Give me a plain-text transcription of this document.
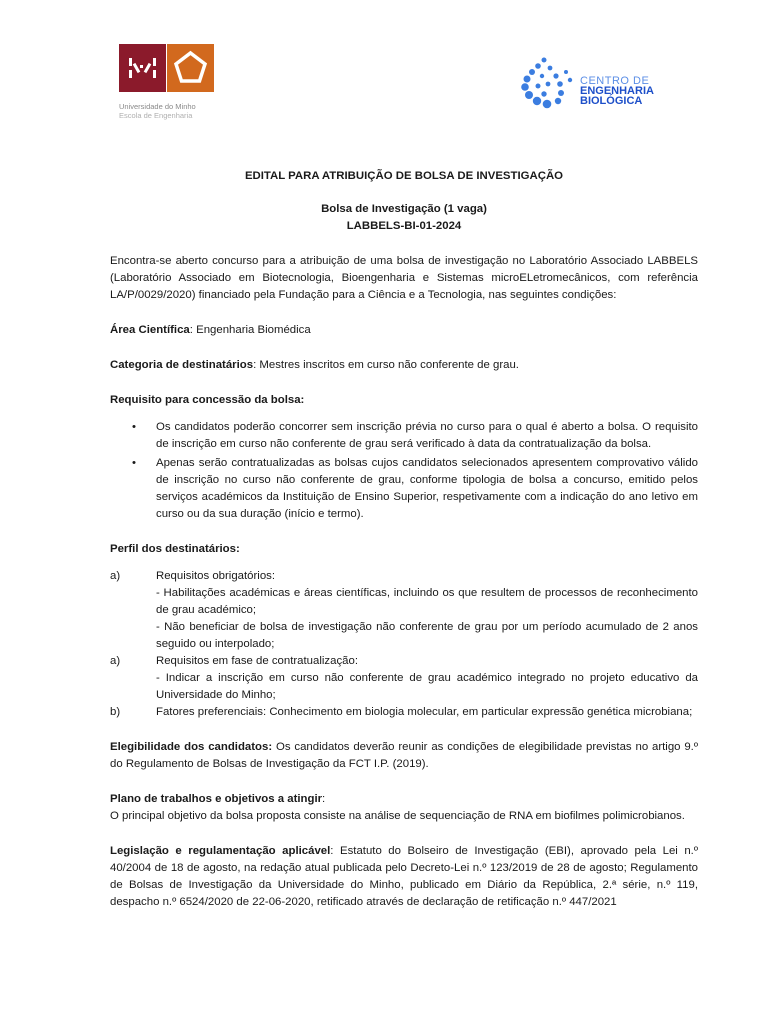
Universidade do Minho
Escola de Engenharia
CENTRO DE
ENGENHARIA
BIOLÓGICA

EDITAL PARA ATRIBUIÇÃO DE BOLSA DE INVESTIGAÇÃO

Bolsa de Investigação (1 vaga)

LABBELS-BI-01-2024

Encontra-se aberto concurso para a atribuição de uma bolsa de investigação no Laboratório Associado LABBELS (Laboratório Associado em Biotecnologia, Bioengenharia e Sistemas microELetromecânicos, com referência LA/P/0029/2020) financiado pela Fundação para a Ciência e a Tecnologia, nas seguintes condições:

Área Científica: Engenharia Biomédica

Categoria de destinatários: Mestres inscritos em curso não conferente de grau.

Requisito para concessão da bolsa:

• Os candidatos poderão concorrer sem inscrição prévia no curso para o qual é aberto a bolsa. O requisito de inscrição em curso não conferente de grau será verificado à data da contratualização da bolsa.
• Apenas serão contratualizadas as bolsas cujos candidatos selecionados apresentem comprovativo válido de inscrição no curso não conferente de grau, conforme tipologia de bolsa a concurso, emitido pelos serviços académicos da Instituição de Ensino Superior, respetivamente com a indicação do ano letivo em curso ou da sua duração (início e termo).

Perfil dos destinatários:

a)	Requisitos obrigatórios:
- Habilitações académicas e áreas científicas, incluindo os que resultem de processos de reconhecimento de grau académico;
- Não beneficiar de bolsa de investigação não conferente de grau por um período acumulado de 2 anos seguido ou interpolado;
a)	Requisitos em fase de contratualização:
- Indicar a inscrição em curso não conferente de grau académico integrado no projeto educativo da Universidade do Minho;
b)	Fatores preferenciais: Conhecimento em biologia molecular, em particular expressão genética microbiana;

Elegibilidade dos candidatos: Os candidatos deverão reunir as condições de elegibilidade previstas no artigo 9.º do Regulamento de Bolsas de Investigação da FCT I.P. (2019).

Plano de trabalhos e objetivos a atingir:

O principal objetivo da bolsa proposta consiste na análise de sequenciação de RNA em biofilmes polimicrobianos.

Legislação e regulamentação aplicável: Estatuto do Bolseiro de Investigação (EBI), aprovado pela Lei n.º 40/2004 de 18 de agosto, na redação atual publicada pelo Decreto-Lei n.º 123/2019 de 28 de agosto; Regulamento de Bolsas de Investigação da Universidade do Minho, publicado em Diário da República, 2.ª série, n.º 119, despacho n.º 6524/2020 de 22-06-2020, retificado através de declaração de retificação n.º 447/2021
